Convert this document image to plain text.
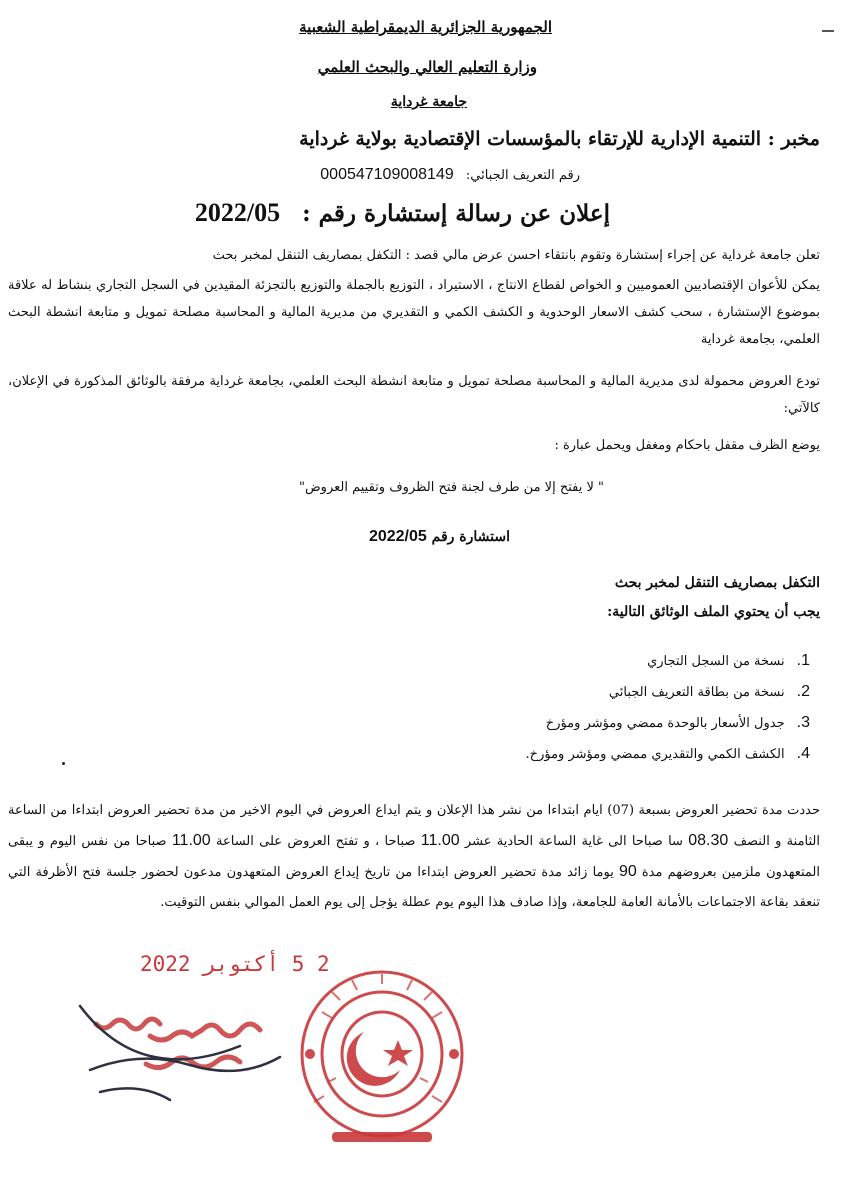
الجمهورية الجزائرية الديمقراطية الشعبية
وزارة التعليم العالي والبحث العلمي
جامعة غرداية
مخبر : التنمية الإدارية للإرتقاء بالمؤسسات الإقتصادية بولاية غرداية
رقم التعريف الجبائي: 000547109008149
إعلان عن رسالة إستشارة رقم : 2022/05
تعلن جامعة غرداية عن إجراء إستشارة وتقوم بانتقاء احسن عرض مالي قصد : التكفل بمصاريف التنقل لمخبر بحث
يمكن للأعوان الإقتصاديين العموميين و الخواص لقطاع الانتاج ، الاستيراد ، التوزيع بالجملة والتوزيع بالتجزئة المقيدين في السجل التجاري بنشاط له علاقة بموضوع الإستشارة ، سحب كشف الاسعار الوحدوية و الكشف الكمي و التقديري من مديرية المالية و المحاسبة مصلحة تمويل و متابعة انشطة البحث العلمي، بجامعة غرداية
تودع العروض محمولة لدى مديرية المالية و المحاسبة مصلحة تمويل و متابعة انشطة البحث العلمي، بجامعة غرداية مرفقة بالوثائق المذكورة في الإعلان، كالآتي:
يوضع الظرف مقفل باحكام ومغفل ويحمل عبارة :
" لا يفتح إلا من طرف لجنة فتح الظروف وتقييم العروض"
استشارة رقم 2022/05
التكفل بمصاريف التنقل لمخبر بحث
يجب أن يحتوي الملف الوثائق التالية:
1.نسخة من السجل التجاري
2.نسخة من بطاقة التعريف الجبائي
3.جدول الأسعار بالوحدة ممضي ومؤشر ومؤرخ
4.الكشف الكمي والتقديري ممضي ومؤشر ومؤرخ.
حددت مدة تحضير العروض بسبعة (07) ايام ابتداءا من نشر هذا الإعلان و يتم ايداع العروض في اليوم الاخير من مدة تحضير العروض ابتداءا من الساعة الثامنة و النصف 08.30 سا صباحا الى غاية الساعة الحادية عشر 11.00 صباحا ، و تفتح العروض على الساعة 11.00 صباحا من نفس اليوم و يبقى المتعهدون ملزمين بعروضهم مدة 90 يوما زائد مدة تحضير العروض ابتداءا من تاريخ إيداع العروض المتعهدون مدعون لحضور جلسة فتح الأظرفة التي تنعقد بقاعة الاجتماعات بالأمانة العامة للجامعة، وإذا صادف هذا اليوم يوم عطلة يؤجل إلى يوم العمل الموالي بنفس التوقيت.
2 5 أكتوبر 2022
